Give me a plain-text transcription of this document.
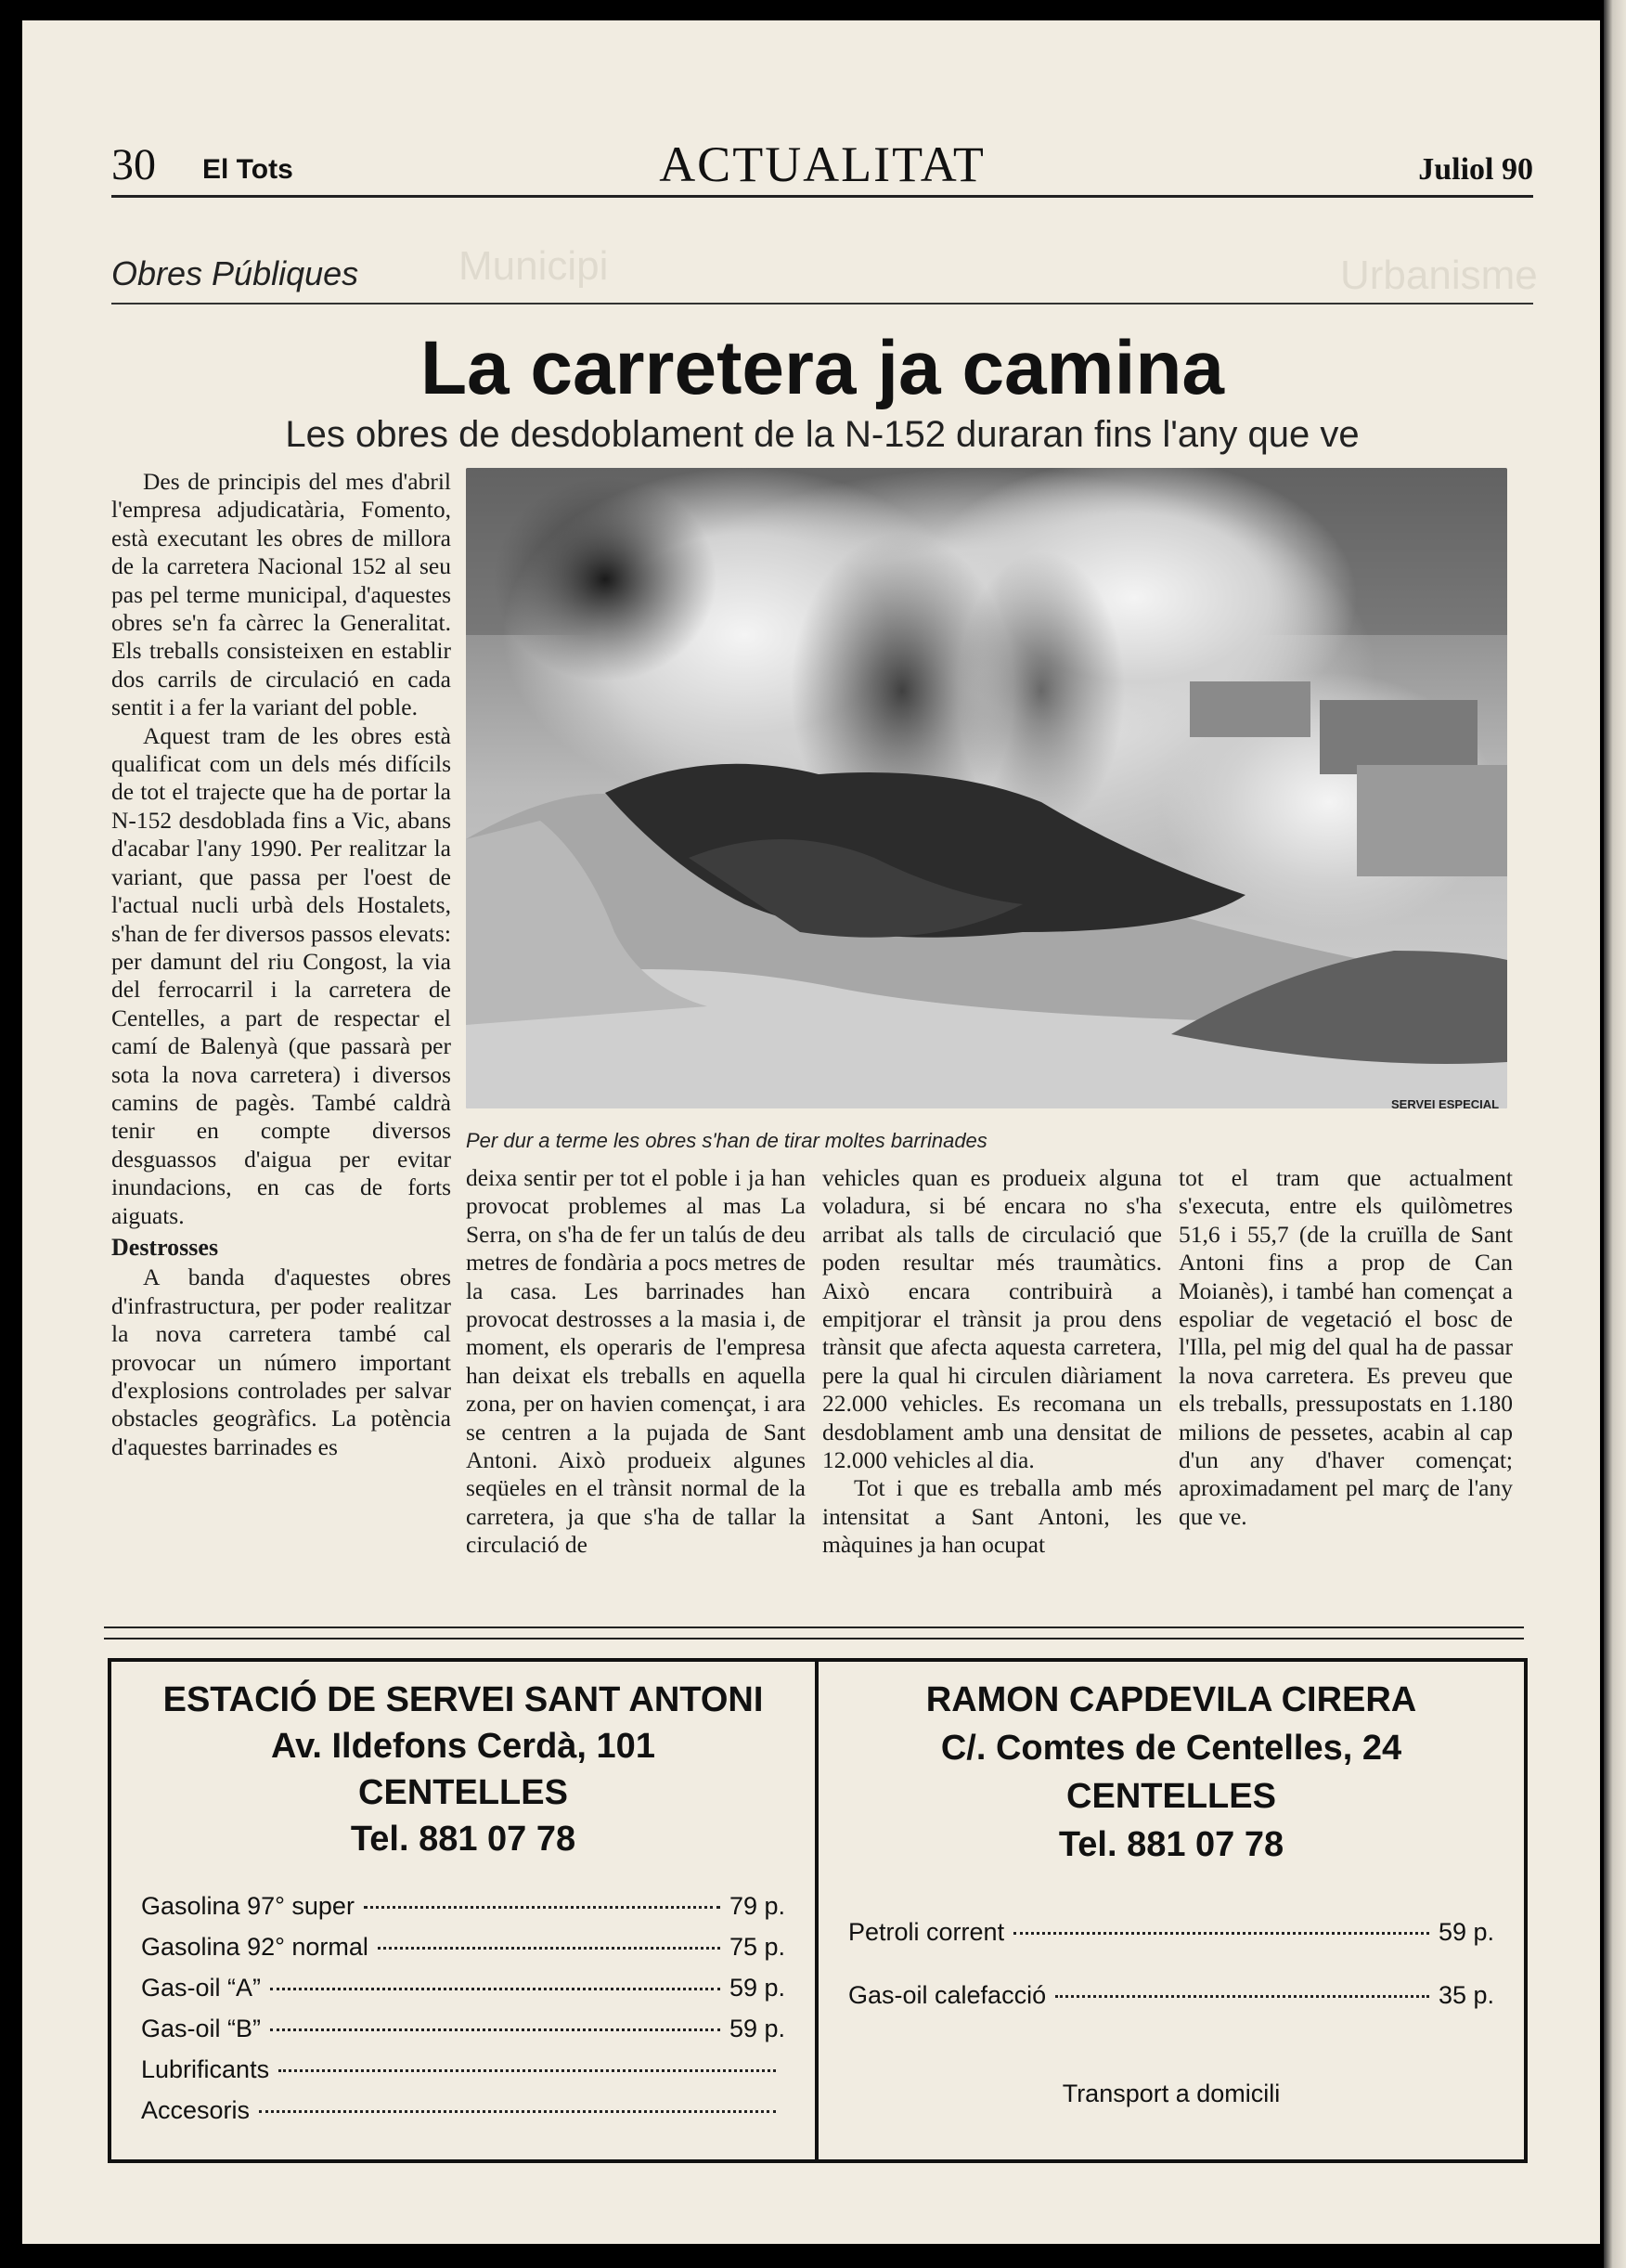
Municipi	Urbanisme
30 El Tots	ACTUALITAT	Juliol 90
Obres Públiques
La carretera ja camina
Les obres de desdoblament de la N-152 duraran fins l'any que ve
SERVEI ESPECIAL
Per dur a terme les obres s'han de tirar moltes barrinades

Des de principis del mes d'abril l'empresa adjudicatària, Fomento, està executant les obres de millora de la carretera Nacional 152 al seu pas pel terme municipal, d'aquestes obres se'n fa càrrec la Generalitat. Els treballs consisteixen en establir dos carrils de circulació en cada sentit i a fer la variant del poble.

Aquest tram de les obres està qualificat com un dels més difícils de tot el trajecte que ha de portar la N-152 desdoblada fins a Vic, abans d'acabar l'any 1990. Per realitzar la variant, que passa per l'oest de l'actual nucli urbà dels Hostalets, s'han de fer diversos passos elevats: per damunt del riu Congost, la via del ferrocarril i la carretera de Centelles, a part de respectar el camí de Balenyà (que passarà per sota la nova carretera) i diversos camins de pagès. També caldrà tenir en compte diversos desguassos d'aigua per evitar inundacions, en cas de forts aiguats.

Destrosses

A banda d'aquestes obres d'infrastructura, per poder realitzar la nova carretera també cal provocar un número important d'explosions controlades per salvar obstacles geogràfics. La potència d'aquestes barrinades es

deixa sentir per tot el poble i ja han provocat problemes al mas La Serra, on s'ha de fer un talús de deu metres de fondària a pocs metres de la casa. Les barrinades han provocat destrosses a la masia i, de moment, els operaris de l'empresa han deixat els treballs en aquella zona, per on havien començat, i ara se centren a la pujada de Sant Antoni. Això produeix algunes seqüeles en el trànsit normal de la carretera, ja que s'ha de tallar la circulació de

vehicles quan es produeix alguna voladura, si bé encara no s'ha arribat als talls de circulació que poden resultar més traumàtics. Això encara contribuirà a empitjorar el trànsit ja prou dens trànsit que afecta aquesta carretera, pere la qual hi circulen diàriament 22.000 vehicles. Es recomana un desdoblament amb una densitat de 12.000 vehicles al dia.

Tot i que es treballa amb més intensitat a Sant Antoni, les màquines ja han ocupat

tot el tram que actualment s'executa, entre els quilòmetres 51,6 i 55,7 (de la cruïlla de Sant Antoni fins a prop de Can Moianès), i també han començat a espoliar de vegetació el bosc de l'Illa, pel mig del qual ha de passar la nova carretera. Es preveu que els treballs, pressupostats en 1.180 milions de pessetes, acabin al cap d'un any d'haver començat; aproximadament pel març de l'any que ve.

ESTACIÓ DE SERVEI SANT ANTONI
Av. Ildefons Cerdà, 101
CENTELLES
Tel. 881 07 78
Gasolina 97° super	79 p.
Gasolina 92° normal	75 p.
Gas-oil “A”	59 p.
Gas-oil “B”	59 p.
Lubrificants
Accesoris
RAMON CAPDEVILA CIRERA
C/. Comtes de Centelles, 24
CENTELLES
Tel. 881 07 78
Petroli corrent	59 p.
Gas-oil calefacció	35 p.
Transport a domicili
